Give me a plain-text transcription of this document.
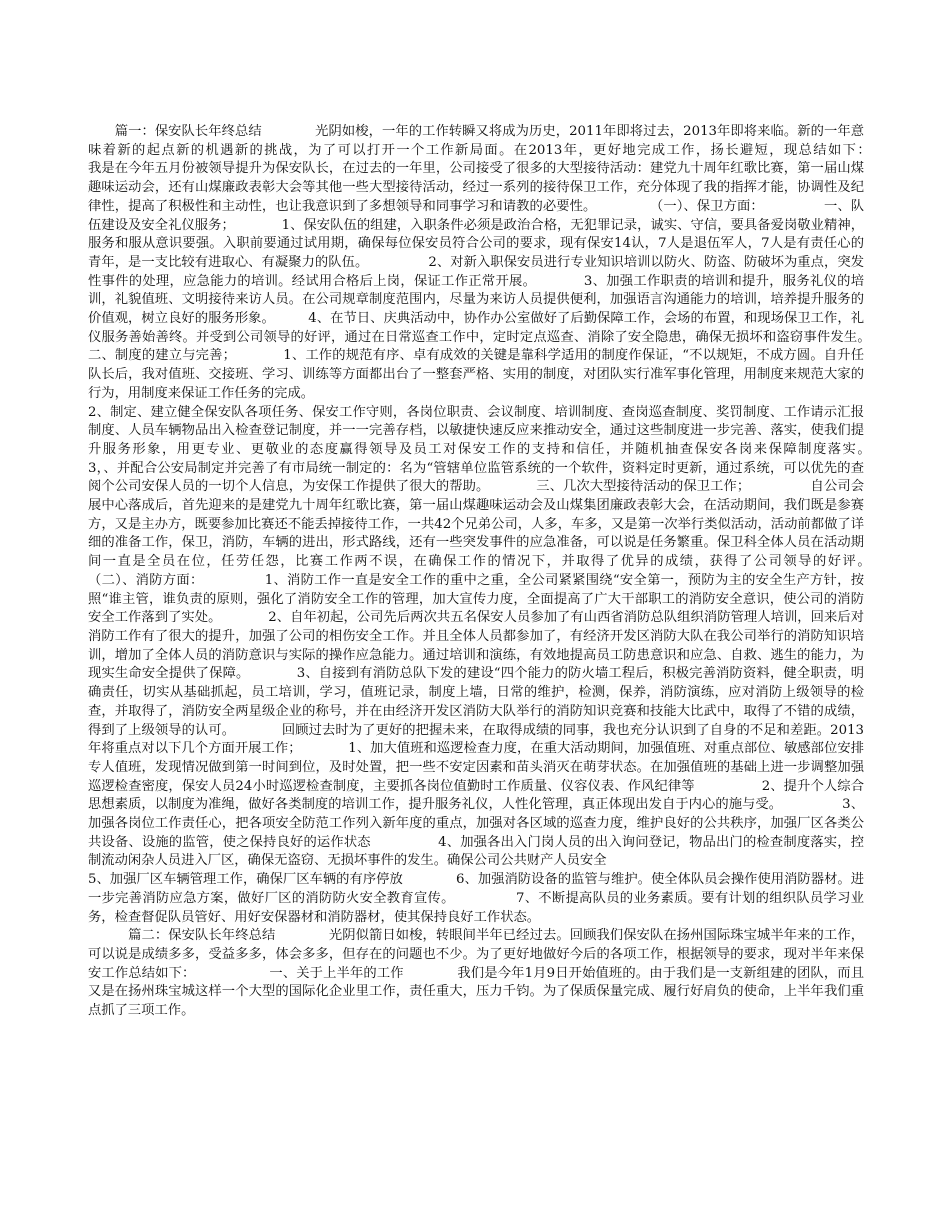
　　篇一：保安队长年终总结　　　　光阴如梭，一年的工作转瞬又将成为历史，2011年即将过去，2013年即将来临。新的一年意味着新的起点新的机遇新的挑战，为了可以打开一个工作新局面。在2013年，更好地完成工作，扬长避短，现总结如下：　　　　　　我是在今年五月份被领导提升为保安队长，在过去的一年里，公司接受了很多的大型接待活动：建党九十周年红歌比赛，第一届山煤趣味运动会，还有山煤廉政表彰大会等其他一些大型接待活动，经过一系列的接待保卫工作，充分体现了我的指挥才能，协调性及纪律性，提高了积极性和主动性，也让我意识到了多想领导和同事学习和请教的必要性。　　　　　（一）、保卫方面：　　　　　一、队伍建设及安全礼仪服务；　　　　1、保安队伍的组建，入职条件必须是政治合格，无犯罪记录，诚实、守信，要具备爱岗敬业精神，服务和服从意识要强。入职前要通过试用期，确保每位保安员符合公司的要求，现有保安14认，7人是退伍军人，7人是有责任心的青年，是一支比较有进取心、有凝聚力的队伍。　　　　　2、对新入职保安员进行专业知识培训以防火、防盗、防破坏为重点，突发性事件的处理，应急能力的培训。经试用合格后上岗，保证工作正常开展。　　　　3、加强工作职责的培训和提升，服务礼仪的培训，礼貌值班、文明接待来访人员。在公司规章制度范围内，尽量为来访人员提供便利，加强语言沟通能力的培训，培养提升服务的价值观，树立良好的服务形象。　　　4、在节日、庆典活动中，协作办公室做好了后勤保障工作，会场的布置，和现场保卫工作，礼仪服务善始善终。并受到公司领导的好评，通过在日常巡查工作中，定时定点巡查、消除了安全隐患，确保无损坏和盗窃事件发生。　　　　二、制度的建立与完善；　　　　1、工作的规范有序、卓有成效的关键是靠科学适用的制度作保证，“不以规矩，不成方圆。自升任队长后，我对值班、交接班、学习、训练等方面都出台了一整套严格、实用的制度，对团队实行准军事化管理，用制度来规范大家的行为，用制度来保证工作任务的完成。

2、制定、建立健全保安队各项任务、保安工作守则，各岗位职责、会议制度、培训制度、查岗巡查制度、奖罚制度、工作请示汇报制度、人员车辆物品出入检查登记制度，并一一完善存档，以敏捷快速反应来推动安全，通过这些制度进一步完善、落实，使我们提升服务形象，用更专业、更敬业的态度赢得领导及员工对保安工作的支持和信任，并随机抽查保安各岗来保障制度落实。　　　　3，、并配合公安局制定并完善了有市局统一制定的：名为“管辖单位监管系统的一个软件，资料定时更新，通过系统，可以优先的查阅个公司安保人员的一切个人信息，为安保工作提供了很大的帮助。　　　　三、几次大型接待活动的保卫工作；　　　　　自公司会展中心落成后，首先迎来的是建党九十周年红歌比赛，第一届山煤趣味运动会及山煤集团廉政表彰大会，在活动期间，我们既是参赛方，又是主办方，既要参加比赛还不能丢掉接待工作，一共42个兄弟公司，人多，车多，又是第一次举行类似活动，活动前都做了详细的准备工作，保卫，消防，车辆的进出，形式路线，还有一些突发事件的应急准备，可以说是任务繁重。保卫科全体人员在活动期间一直是全员在位，任劳任怨，比赛工作两不误，在确保工作的情况下，并取得了优异的成绩，获得了公司领导的好评。　　　　　（二）、消防方面：　　　　　1、消防工作一直是安全工作的重中之重，全公司紧紧围绕“安全第一，预防为主的安全生产方针，按照“谁主管，谁负责的原则，强化了消防安全工作的管理，加大宣传力度，全面提高了广大干部职工的消防安全意识，使公司的消防安全工作落到了实处。　　　　2、自年初起，公司先后两次共五名保安人员参加了有山西省消防总队组织消防管理人培训，回来后对消防工作有了很大的提升，加强了公司的相伤安全工作。并且全体人员都参加了，有经济开发区消防大队在我公司举行的消防知识培训，增加了全体人员的消防意识与实际的操作应急能力。通过培训和演练，有效地提高员工防患意识和应急、自救、逃生的能力，为现实生命安全提供了保障。　　　　3、自接到有消防总队下发的建设“四个能力的防火墙工程后，积极完善消防资料，健全职责，明确责任，切实从基础抓起，员工培训，学习，值班记录，制度上墙，日常的维护，检测，保养，消防演练，应对消防上级领导的检查，并取得了，消防安全两星级企业的称号，并在由经济开发区消防大队举行的消防知识竞赛和技能大比武中，取得了不错的成绩，得到了上级领导的认可。　　　　回顾过去时为了更好的把握未来，在取得成绩的同事，我也充分认识到了自身的不足和差距。2013年将重点对以下几个方面开展工作；　　　　1、加大值班和巡逻检查力度，在重大活动期间，加强值班、对重点部位、敏感部位安排专人值班，发现情况做到第一时间到位，及时处置，把一些不安定因素和苗头消灭在萌芽状态。在加强值班的基础上进一步调整加强巡逻检查密度，保安人员24小时巡逻检查制度，主要抓各岗位值勤时工作质量、仪容仪表、作风纪律等　　　　　2、提升个人综合思想素质，以制度为准绳，做好各类制度的培训工作，提升服务礼仪，人性化管理，真正体现出发自于内心的施与受。　　　　　3、加强各岗位工作责任心，把各项安全防范工作列入新年度的重点，加强对各区域的巡查力度，维护良好的公共秩序，加强厂区各类公共设备、设施的监管，使之保持良好的运作状态　　　　　4、加强各出入门岗人员的出入询问登记，物品出门的检查制度落实，控制流动闲杂人员进入厂区，确保无盗窃、无损坏事件的发生。确保公司公共财产人员安全

5、加强厂区车辆管理工作，确保厂区车辆的有序停放　　　　6、加强消防设备的监管与维护。使全体队员会操作使用消防器材。进一步完善消防应急方案，做好厂区的消防防火安全教育宣传。　　　　　7、不断提高队员的业务素质。要有计划的组织队员学习业务，检查督促队员管好、用好安保器材和消防器材，使其保持良好工作状态。

　　　篇二：保安队长年终总结　　　　光阴似箭日如梭，转眼间半年已经过去。回顾我们保安队在扬州国际珠宝城半年来的工作，可以说是成绩多多，受益多多，体会多多，但存在的问题也不少。为了更好地做好今后的各项工作，根据领导的要求，现对半年来保安工作总结如下：　　　　　　一、关于上半年的工作　　　　我们是今年1月9日开始值班的。由于我们是一支新组建的团队，而且又是在扬州珠宝城这样一个大型的国际化企业里工作，责任重大，压力千钧。为了保质保量完成、履行好肩负的使命，上半年我们重点抓了三项工作。
